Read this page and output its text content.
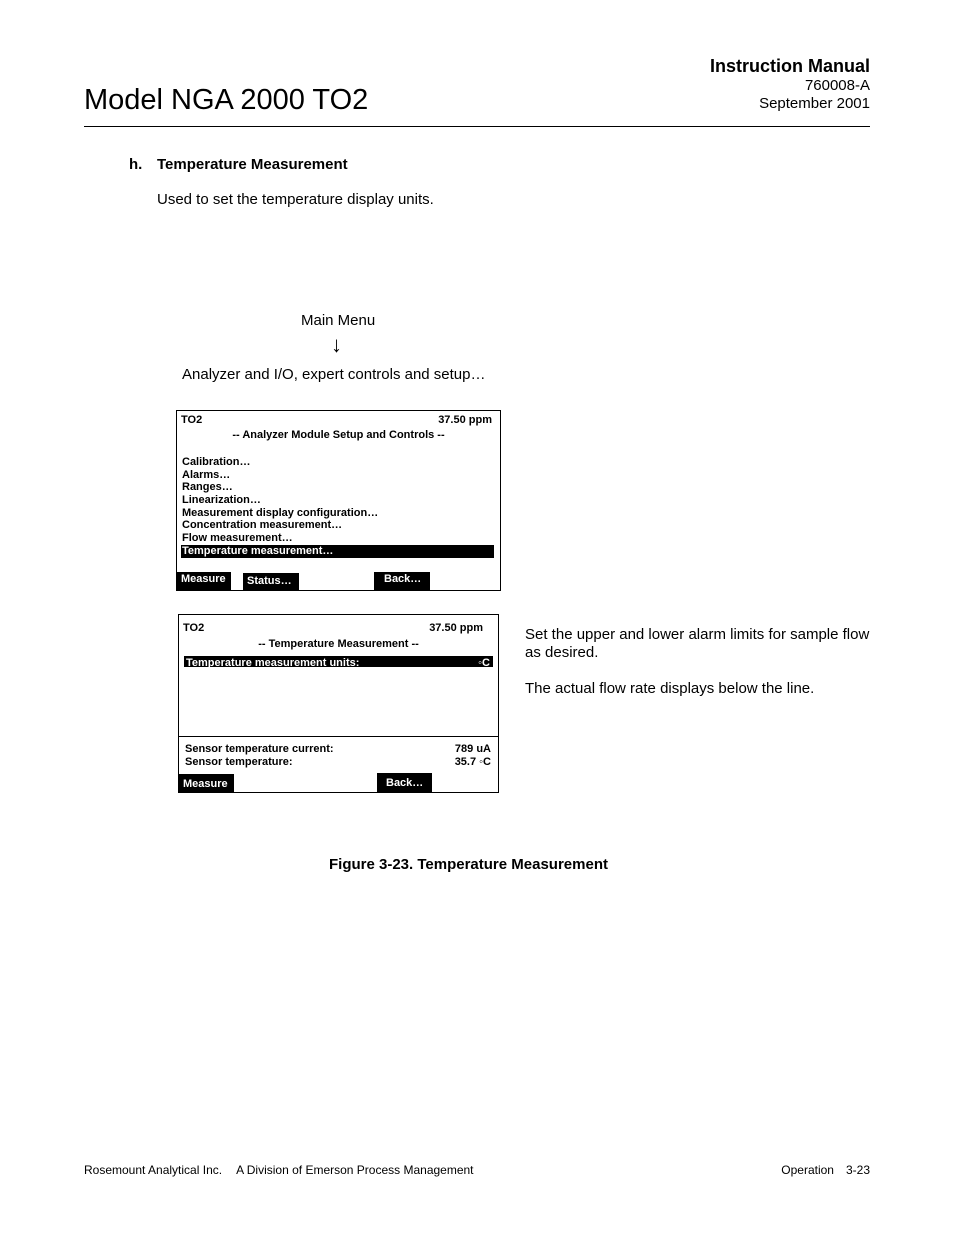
Model NGA 2000 TO2
Instruction Manual
760008-A
September 2001
h. Temperature Measurement
Used to set the temperature display units.
Main Menu
↓
Analyzer and I/O, expert controls and setup…
TO2	37.50 ppm
-- Analyzer Module Setup and Controls --
Calibration…
Alarms…
Ranges…
Linearization…
Measurement display configuration…
Concentration measurement…
Flow measurement…
Temperature measurement…
Measure	Status…	Back…
TO2	37.50 ppm
-- Temperature Measurement --
Temperature measurement units:	◦C
Sensor temperature current:	789 uA
Sensor temperature:	35.7 ◦C
Measure	Back…

Set the upper and lower alarm limits for sample flow as desired.

The actual flow rate displays below the line.

Figure 3-23. Temperature Measurement
Rosemount Analytical Inc. A Division of Emerson Process Management	Operation 3-23
